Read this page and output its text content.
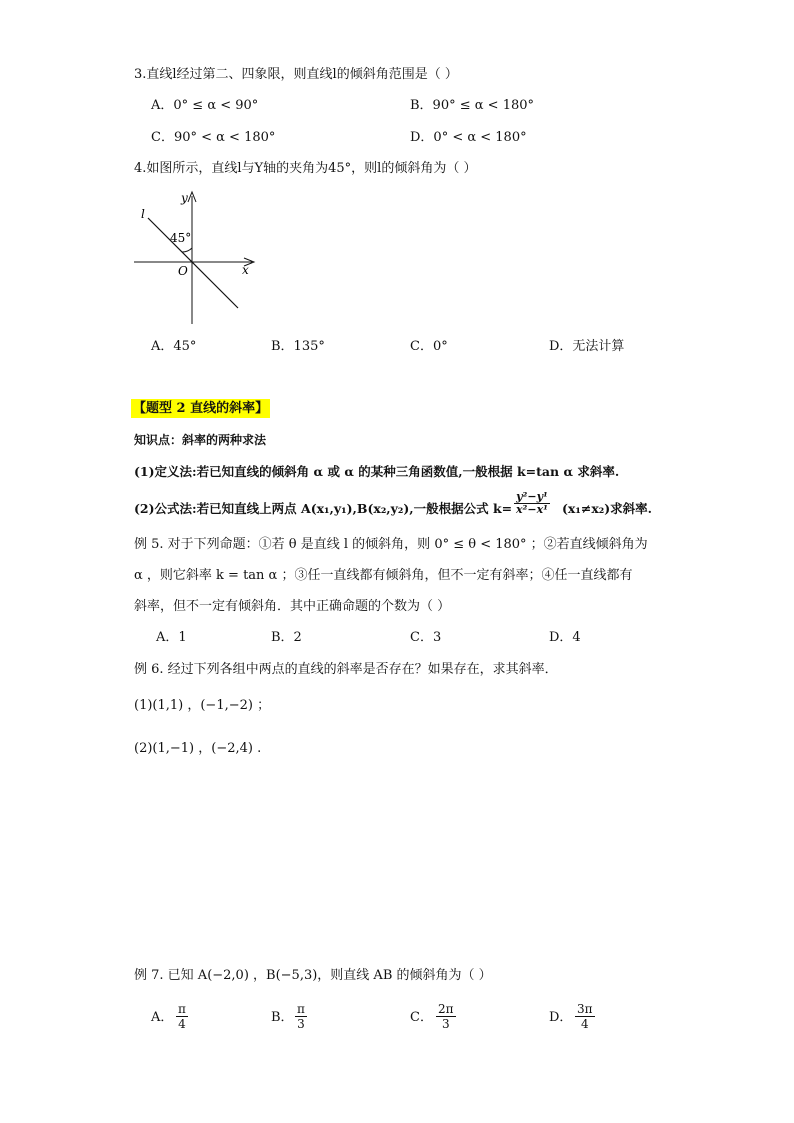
3.直线l经过第二、四象限，则直线l的倾斜角范围是（ ）
A．0° ≤ α < 90°	B．90° ≤ α < 180°
C．90° < α < 180°	D．0° < α < 180°
4.如图所示，直线l与Y轴的夹角为45°，则l的倾斜角为（ ）
y
x
l
O
45°
A．45°	B．135°	C．0°	D．无法计算
【题型 2 直线的斜率】
知识点：斜率的两种求法
(1)定义法:若已知直线的倾斜角 α 或 α 的某种三角函数值,一般根据 k=tan α 求斜率.
(2)公式法:若已知直线上两点 A(x₁,y₁),B(x₂,y₂),一般根据公式 $k= \frac{\text{y²−y¹}}{\text{x²−x¹}} (x_1\ne x_2)$求斜率.
例 5. 对于下列命题：①若 θ 是直线 l 的倾斜角，则 0° ≤ θ < 180° ；②若直线倾斜角为
α ，则它斜率 k = tan α ；③任一直线都有倾斜角，但不一定有斜率；④任一直线都有
斜率，但不一定有倾斜角．其中正确命题的个数为（ ）
A．1	B．2	C．3	D．4
例 6. 经过下列各组中两点的直线的斜率是否存在？如果存在，求其斜率．
(1)(1,1) ，(−1,−2) ；
(2)(1,−1) ，(−2,4) .
例 7. 已知 A(−2,0) ，B(−5,3)，则直线 AB 的倾斜角为（ ）
A． $\frac{\pi}{4}$	B． $\frac{\pi}{3}$	C． $\frac{2\pi}{3}$	D． $\frac{3\pi}{4}$
